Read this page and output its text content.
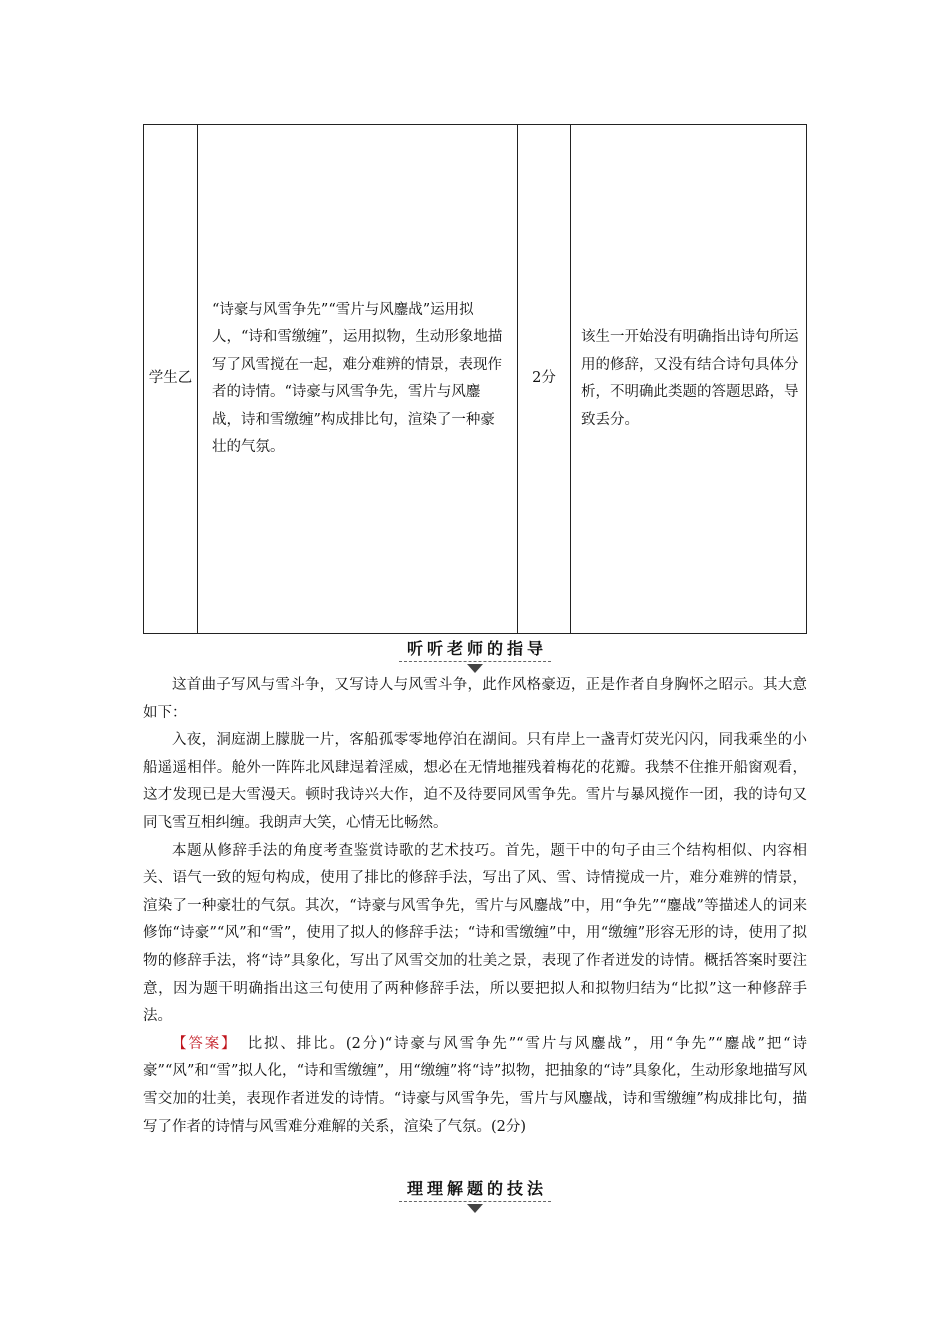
学生乙	“诗豪与风雪争先”“雪片与风鏖战”运用拟人，“诗和雪缴缠”，运用拟物，生动形象地描写了风雪搅在一起，难分难辨的情景，表现作者的诗情。“诗豪与风雪争先，雪片与风鏖战，诗和雪缴缠”构成排比句，渲染了一种豪壮的气氛。	2分	该生一开始没有明确指出诗句所运用的修辞，又没有结合诗句具体分析，不明确此类题的答题思路，导致丢分。
听听老师的指导

这首曲子写风与雪斗争，又写诗人与风雪斗争，此作风格豪迈，正是作者自身胸怀之昭示。其大意如下：

入夜，洞庭湖上朦胧一片，客船孤零零地停泊在湖间。只有岸上一盏青灯荧光闪闪，同我乘坐的小船遥遥相伴。舱外一阵阵北风肆逞着淫威，想必在无情地摧残着梅花的花瓣。我禁不住推开船窗观看，这才发现已是大雪漫天。顿时我诗兴大作，迫不及待要同风雪争先。雪片与暴风搅作一团，我的诗句又同飞雪互相纠缠。我朗声大笑，心情无比畅然。

本题从修辞手法的角度考查鉴赏诗歌的艺术技巧。首先，题干中的句子由三个结构相似、内容相关、语气一致的短句构成，使用了排比的修辞手法，写出了风、雪、诗情搅成一片，难分难辨的情景，渲染了一种豪壮的气氛。其次，“诗豪与风雪争先，雪片与风鏖战”中，用“争先”“鏖战”等描述人的词来修饰“诗豪”“风”和“雪”，使用了拟人的修辞手法；“诗和雪缴缠”中，用“缴缠”形容无形的诗，使用了拟物的修辞手法，将“诗”具象化，写出了风雪交加的壮美之景，表现了作者迸发的诗情。概括答案时要注意，因为题干明确指出这三句使用了两种修辞手法，所以要把拟人和拟物归结为“比拟”这一种修辞手法。

【答案】 比拟、排比。(2分)“诗豪与风雪争先”“雪片与风鏖战”，用“争先”“鏖战”把“诗豪”“风”和“雪”拟人化，“诗和雪缴缠”，用“缴缠”将“诗”拟物，把抽象的“诗”具象化，生动形象地描写风雪交加的壮美，表现作者迸发的诗情。“诗豪与风雪争先，雪片与风鏖战，诗和雪缴缠”构成排比句，描写了作者的诗情与风雪难分难解的关系，渲染了气氛。(2分)

理理解题的技法
